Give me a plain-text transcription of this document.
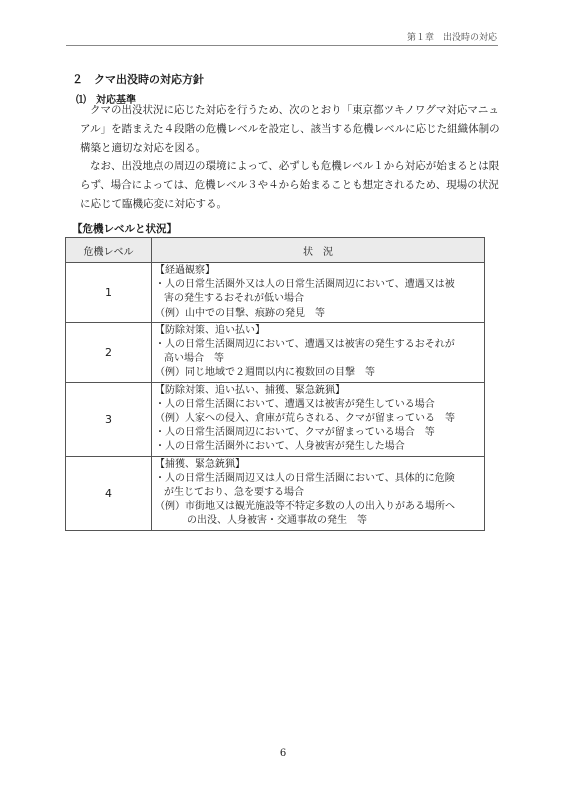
第１章　出没時の対応
２　クマ出没時の対応方針
⑴　対応基準

クマの出没状況に応じた対応を行うため、次のとおり「東京都ツキノワグマ対応マニュアル」を踏まえた４段階の危機レベルを設定し、該当する危機レベルに応じた組織体制の構築と適切な対応を図る。

なお、出没地点の周辺の環境によって、必ずしも危機レベル１から対応が始まるとは限らず、場合によっては、危機レベル３や４から始まることも想定されるため、現場の状況に応じて臨機応変に対応する。

【危機レベルと状況】
危機レベル	状　況
1	【経過観察】
・人の日常生活圏外又は人の日常生活圏周辺において、遭遇又は被
害の発生するおそれが低い場合
（例）山中での目撃、痕跡の発見　等

2	【防除対策、追い払い】
・人の日常生活圏周辺において、遭遇又は被害の発生するおそれが
高い場合　等
（例）同じ地域で２週間以内に複数回の目撃　等

3	【防除対策、追い払い、捕獲、緊急銃猟】
・人の日常生活圏において、遭遇又は被害が発生している場合
（例）人家への侵入、倉庫が荒らされる、クマが留まっている　等
・人の日常生活圏周辺において、クマが留まっている場合　等
・人の日常生活圏外において、人身被害が発生した場合

4	【捕獲、緊急銃猟】
・人の日常生活圏周辺又は人の日常生活圏において、具体的に危険
が生じており、急を要する場合
（例）市街地又は観光施設等不特定多数の人の出入りがある場所へ
の出没、人身被害・交通事故の発生　等
6
